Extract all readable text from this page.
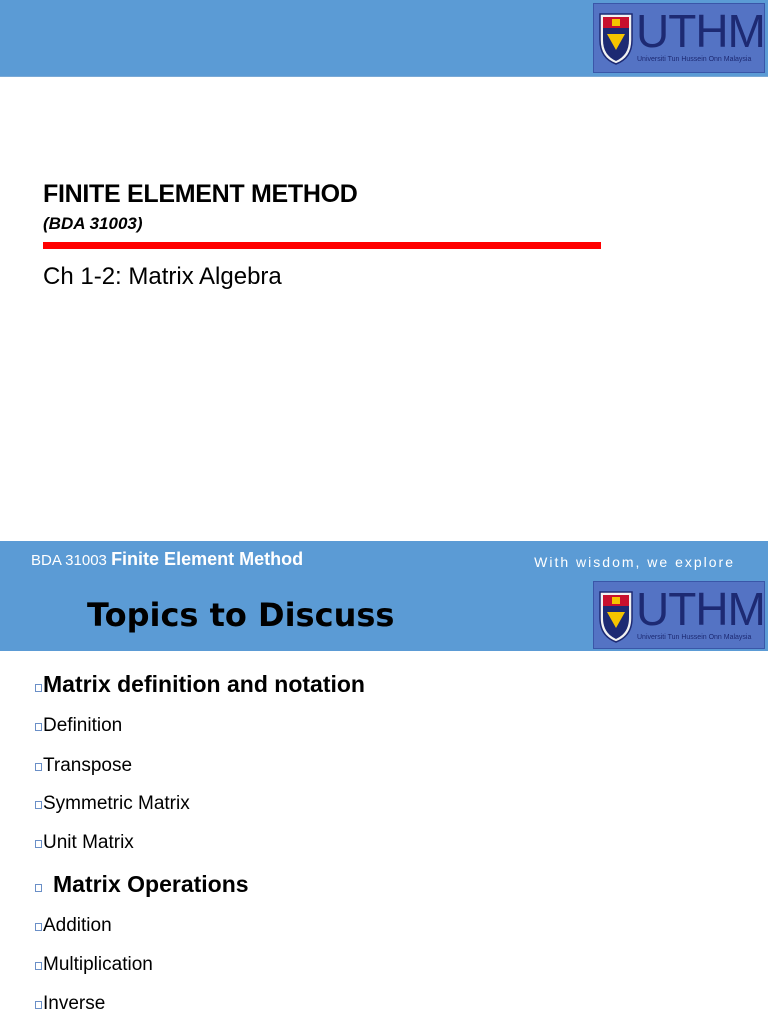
UTHM
Universiti Tun Hussein Onn Malaysia
FINITE ELEMENT METHOD
(BDA 31003)
Ch 1-2: Matrix Algebra
BDA 31003 Finite Element Method	With wisdom, we explore
Topics to Discuss	UTHM
Universiti Tun Hussein Onn Malaysia
Matrix definition and notation
Definition
Transpose
Symmetric Matrix
Unit Matrix
Matrix Operations
Addition
Multiplication
Inverse
